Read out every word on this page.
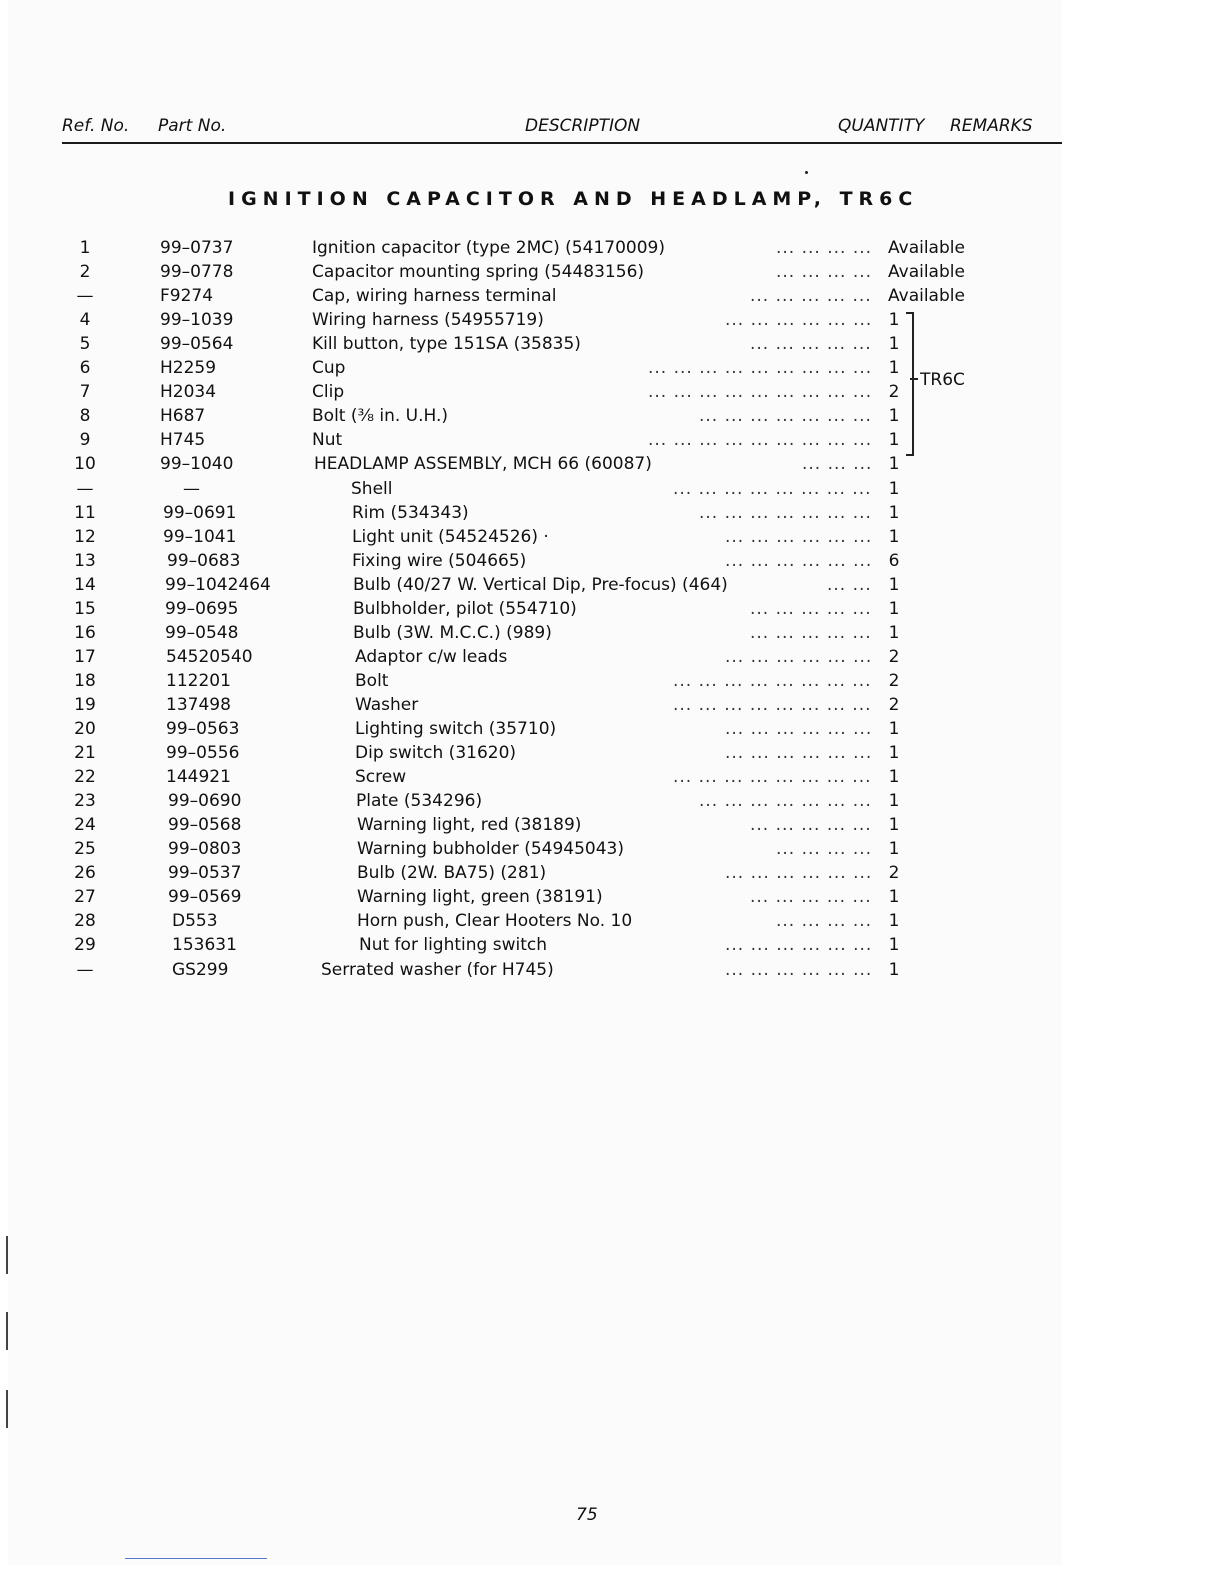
Ref. No. Part No.	DESCRIPTION	QUANTITY REMARKS
IGNITION CAPACITOR AND HEADLAMP, TR6C
1	99–0737	Ignition capacitor (type 2MC) (54170009)	... ... ... ... Available
2	99–0778	Capacitor mounting spring (54483156)	... ... ... ... Available
—	F9274	Cap, wiring harness terminal	... ... ... ... ... Available
4	99–1039	Wiring harness (54955719)	... ... ... ... ... ... 1
5	99–0564	Kill button, type 151SA (35835)	... ... ... ... ... 1
6	H2259	Cup	... ... ... ... ... ... ... ... ... 1
7	H2034	Clip	... ... ... ... ... ... ... ... ... 2
8	H687	Bolt (⅜ in. U.H.)	... ... ... ... ... ... ... 1
9	H745	Nut	... ... ... ... ... ... ... ... ... 1
10	99–1040	HEADLAMP ASSEMBLY, MCH 66 (60087)	... ... ... 1
—	—	Shell	... ... ... ... ... ... ... ... 1
11	99–0691	Rim (534343)	... ... ... ... ... ... ... 1
12	99–1041	Light unit (54524526) ·	... ... ... ... ... ... 1
13	99–0683	Fixing wire (504665)	... ... ... ... ... ... 6
14	99–1042464	Bulb (40/27 W. Vertical Dip, Pre-focus) (464)	... ... 1
15	99–0695	Bulbholder, pilot (554710)	... ... ... ... ... 1
16	99–0548	Bulb (3W. M.C.C.) (989)	... ... ... ... ... 1
17	54520540	Adaptor c/w leads	... ... ... ... ... ... 2
18	112201	Bolt	... ... ... ... ... ... ... ... 2
19	137498	Washer	... ... ... ... ... ... ... ... 2
20	99–0563	Lighting switch (35710)	... ... ... ... ... ... 1
21	99–0556	Dip switch (31620)	... ... ... ... ... ... 1
22	144921	Screw	... ... ... ... ... ... ... ... 1
23	99–0690	Plate (534296)	... ... ... ... ... ... ... 1
24	99–0568	Warning light, red (38189)	... ... ... ... ... 1
25	99–0803	Warning bubholder (54945043)	... ... ... ... 1
26	99–0537	Bulb (2W. BA75) (281)	... ... ... ... ... ... 2
27	99–0569	Warning light, green (38191)	... ... ... ... ... 1
28	D553	Horn push, Clear Hooters No. 10	... ... ... ... 1
29	153631	Nut for lighting switch	... ... ... ... ... ... 1
—	GS299	Serrated washer (for H745)	... ... ... ... ... ... 1
TR6C
75
